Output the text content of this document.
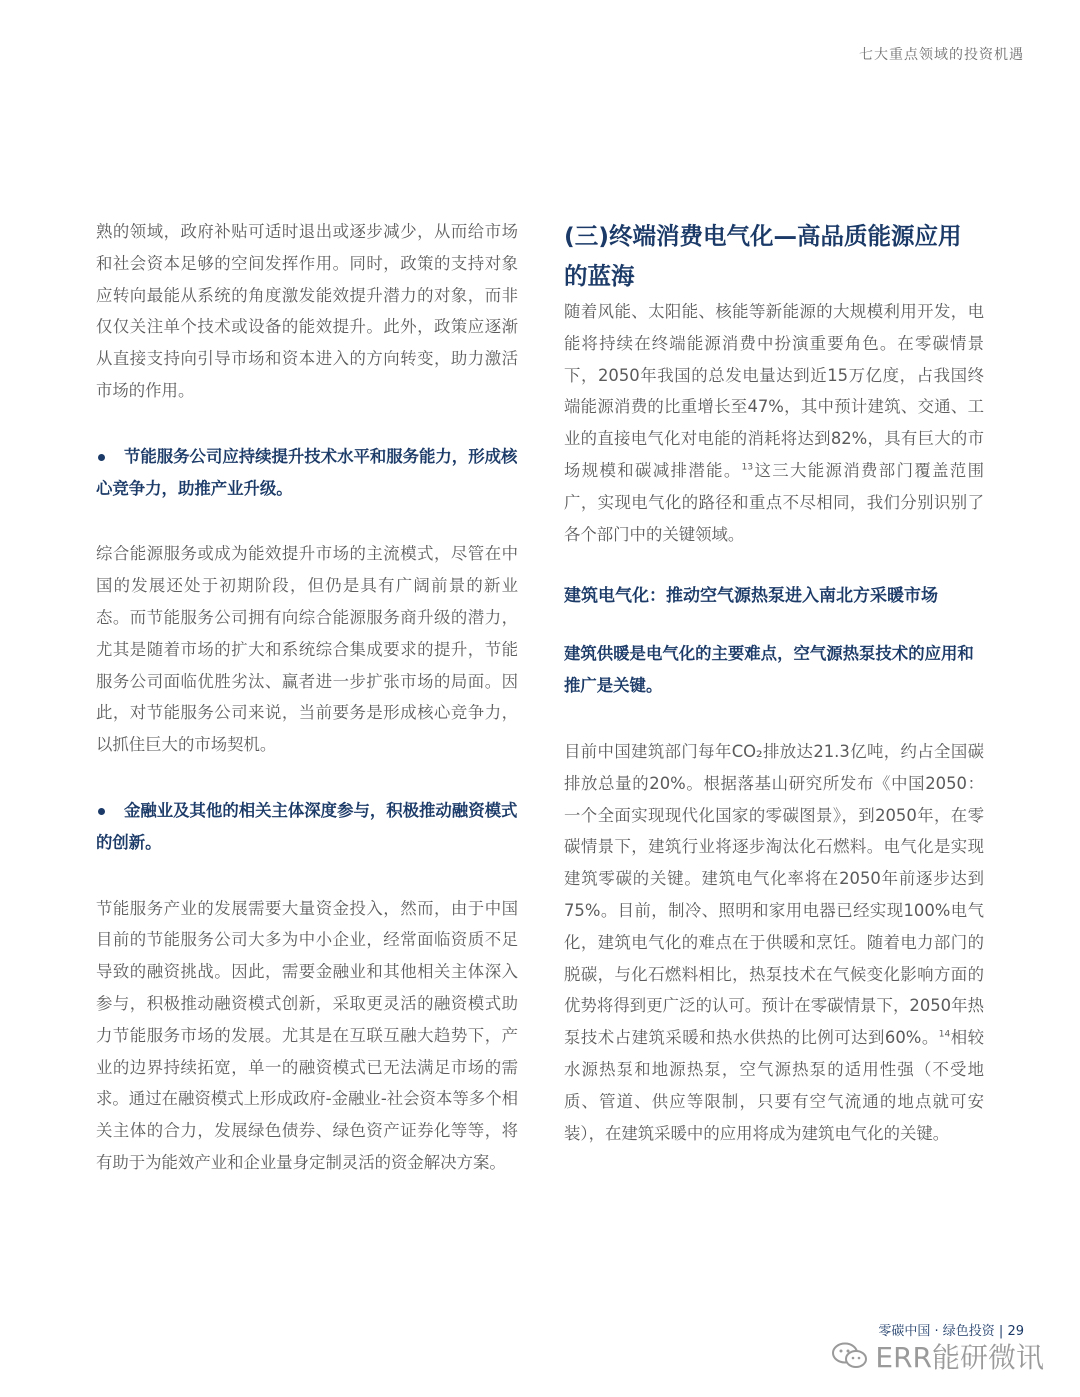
七大重点领域的投资机遇

熟的领域，政府补贴可适时退出或逐步减少，从而给市场和社会资本足够的空间发挥作用。同时，政策的支持对象应转向最能从系统的角度激发能效提升潜力的对象，而非仅仅关注单个技术或设备的能效提升。此外，政策应逐渐从直接支持向引导市场和资本进入的方向转变，助力激活市场的作用。

节能服务公司应持续提升技术水平和服务能力，形成核心竞争力，助推产业升级。

综合能源服务或成为能效提升市场的主流模式，尽管在中国的发展还处于初期阶段，但仍是具有广阔前景的新业态。而节能服务公司拥有向综合能源服务商升级的潜力，尤其是随着市场的扩大和系统综合集成要求的提升，节能服务公司面临优胜劣汰、赢者进一步扩张市场的局面。因此，对节能服务公司来说，当前要务是形成核心竞争力，以抓住巨大的市场契机。

金融业及其他的相关主体深度参与，积极推动融资模式的创新。

节能服务产业的发展需要大量资金投入，然而，由于中国目前的节能服务公司大多为中小企业，经常面临资质不足导致的融资挑战。因此，需要金融业和其他相关主体深入参与，积极推动融资模式创新，采取更灵活的融资模式助力节能服务市场的发展。尤其是在互联互融大趋势下，产业的边界持续拓宽，单一的融资模式已无法满足市场的需求。通过在融资模式上形成政府-金融业-社会资本等多个相关主体的合力，发展绿色债券、绿色资产证券化等等，将有助于为能效产业和企业量身定制灵活的资金解决方案。

(三)终端消费电气化—高品质能源应用的蓝海

随着风能、太阳能、核能等新能源的大规模利用开发，电能将持续在终端能源消费中扮演重要角色。在零碳情景下，2050年我国的总发电量达到近15万亿度，占我国终端能源消费的比重增长至47%，其中预计建筑、交通、工业的直接电气化对电能的消耗将达到82%，具有巨大的市场规模和碳减排潜能。$^{13}$这三大能源消费部门覆盖范围广，实现电气化的路径和重点不尽相同，我们分别识别了各个部门中的关键领域。

建筑电气化：推动空气源热泵进入南北方采暖市场

建筑供暖是电气化的主要难点，空气源热泵技术的应用和推广是关键。

目前中国建筑部门每年CO₂排放达21.3亿吨，约占全国碳排放总量的20%。根据落基山研究所发布《中国2050：一个全面实现现代化国家的零碳图景》，到2050年，在零碳情景下，建筑行业将逐步淘汰化石燃料。电气化是实现建筑零碳的关键。建筑电气化率将在2050年前逐步达到75%。目前，制冷、照明和家用电器已经实现100%电气化，建筑电气化的难点在于供暖和烹饪。随着电力部门的脱碳，与化石燃料相比，热泵技术在气候变化影响方面的优势将得到更广泛的认可。预计在零碳情景下，2050年热泵技术占建筑采暖和热水供热的比例可达到60%。$^{14}$相较水源热泵和地源热泵，空气源热泵的适用性强（不受地质、管道、供应等限制，只要有空气流通的地点就可安装），在建筑采暖中的应用将成为建筑电气化的关键。

零碳中国 · 绿色投资 | 29
ERR能研微讯
